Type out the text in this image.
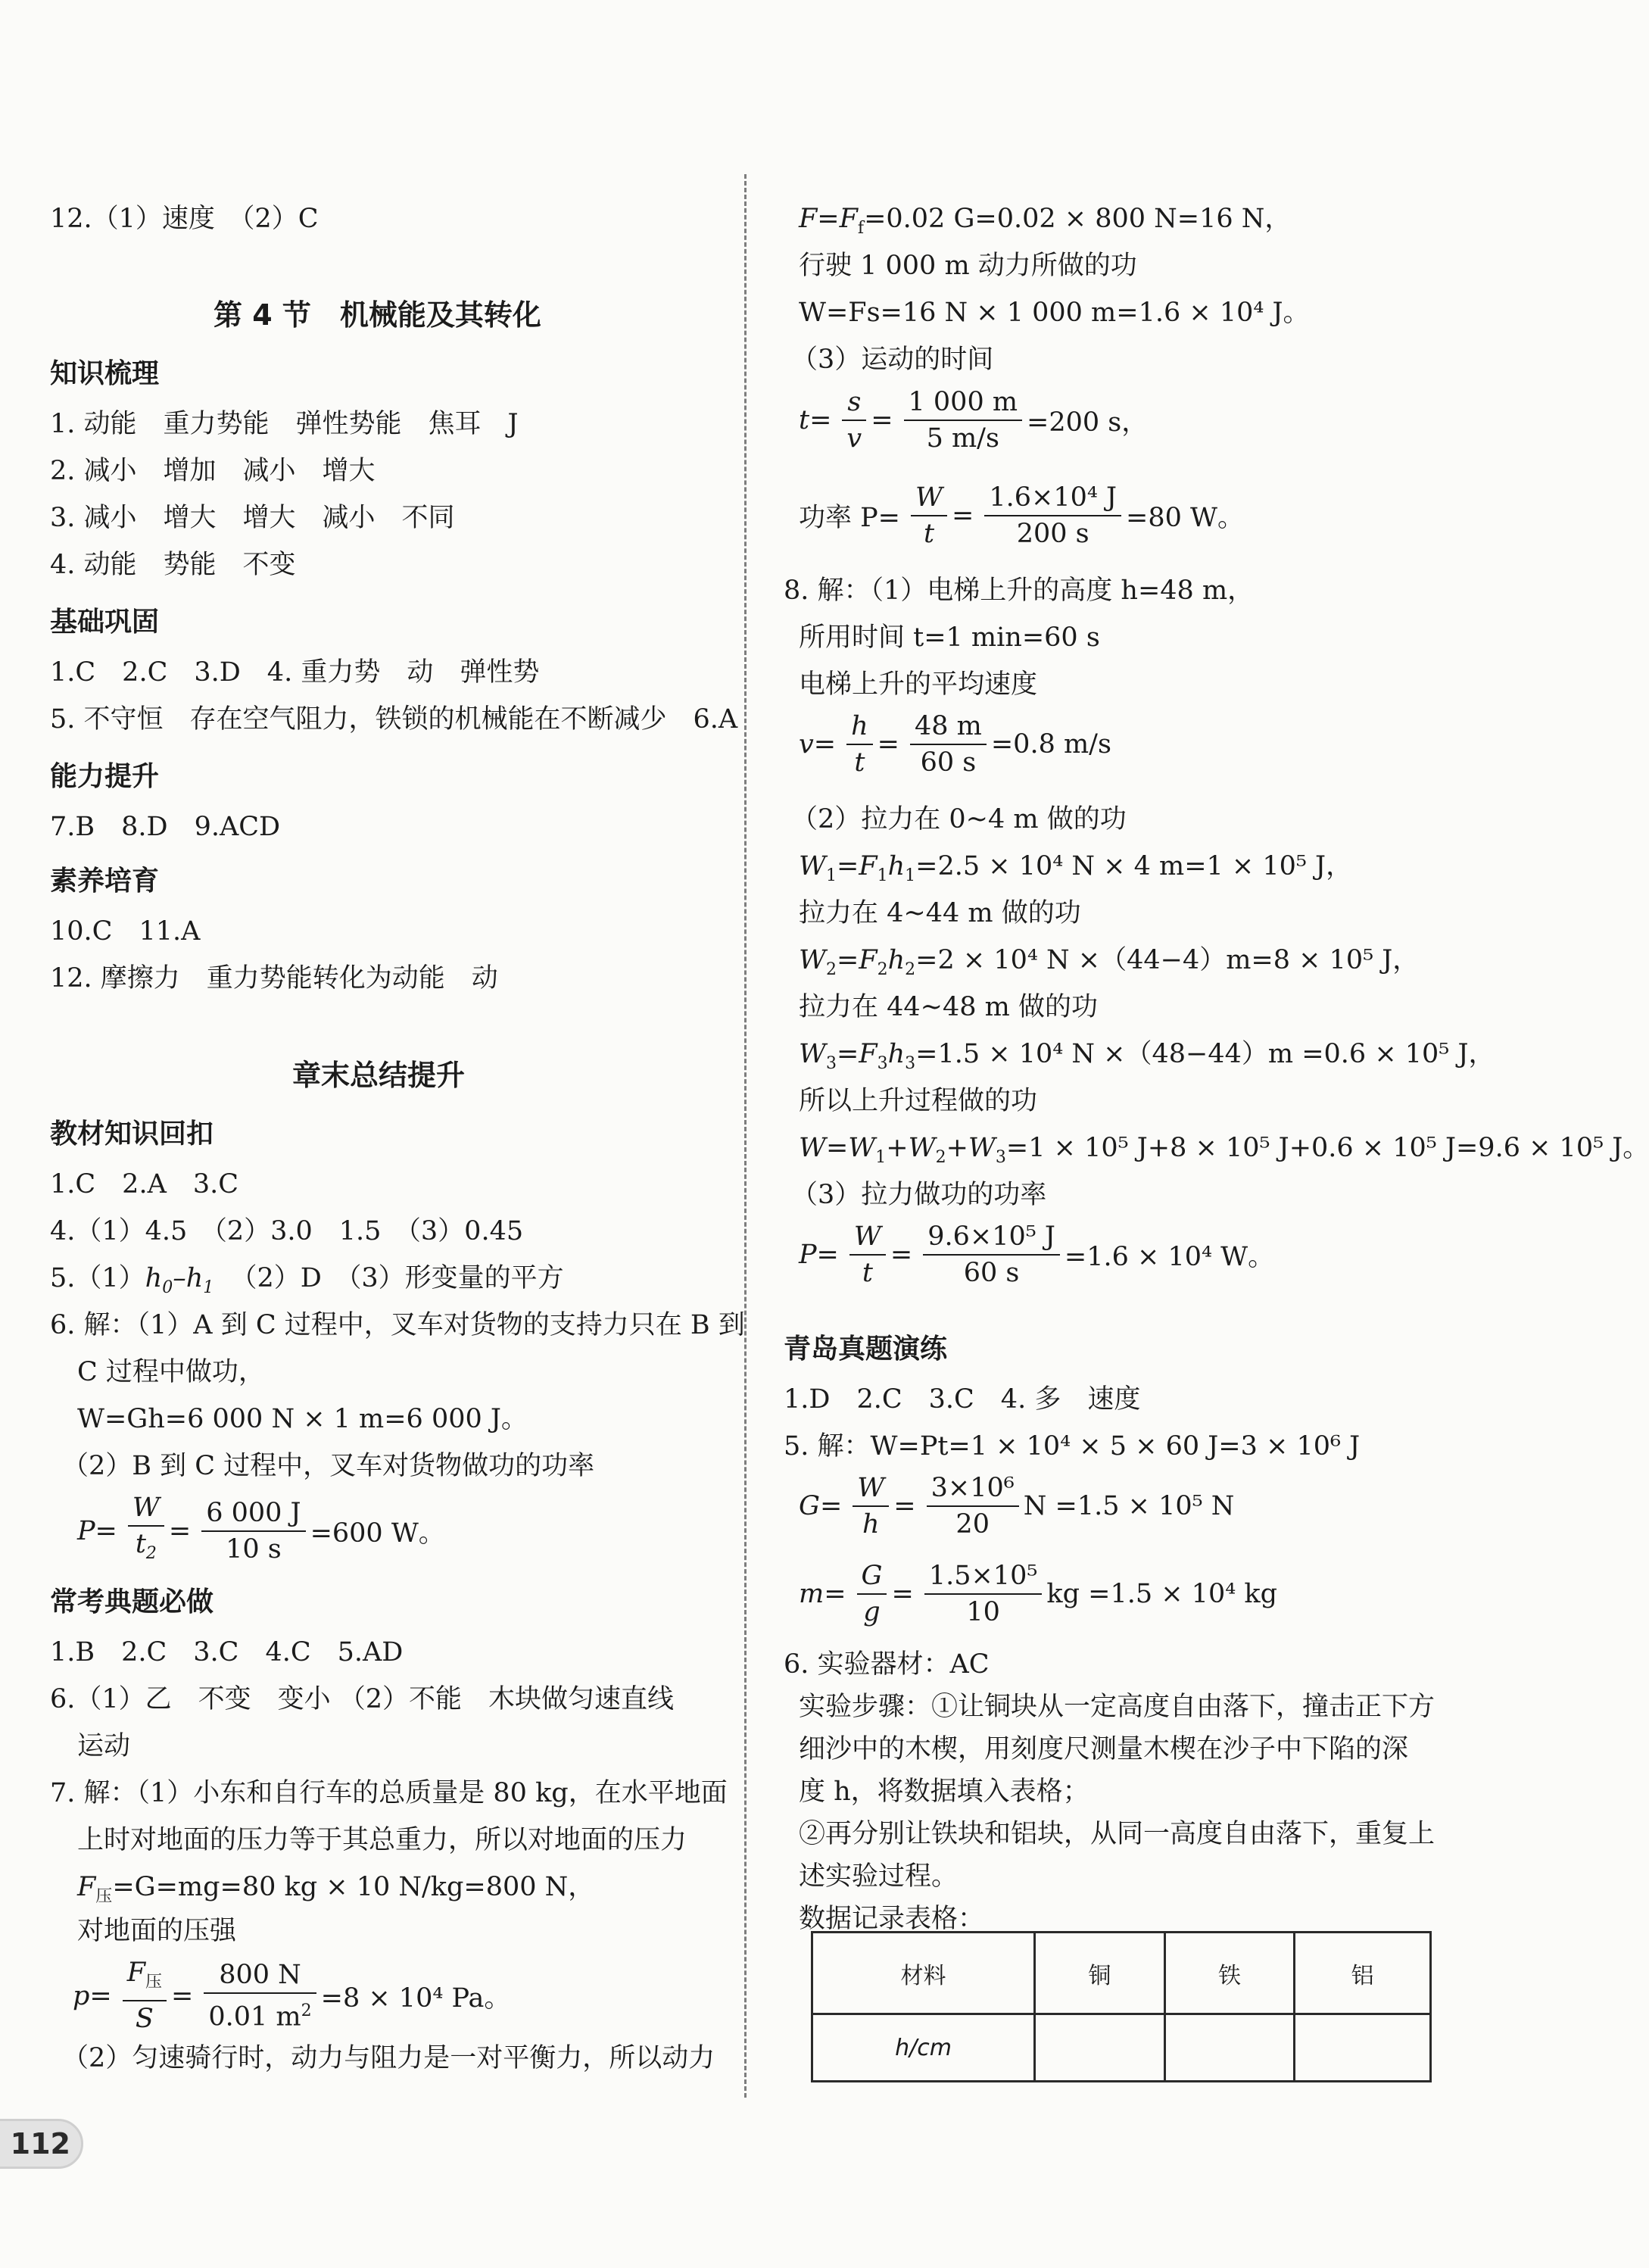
12.（1）速度　（2）C
第 4 节　机械能及其转化
知识梳理
1. 动能　重力势能　弹性势能　焦耳　J
2. 减小　增加　减小　增大
3. 减小　增大　增大　减小　不同
4. 动能　势能　不变
基础巩固
1.C　2.C　3.D　4. 重力势　动　弹性势
5. 不守恒　存在空气阻力，铁锁的机械能在不断减少　6.A
能力提升
7.B　8.D　9.ACD
素养培育
10.C　11.A
12. 摩擦力　重力势能转化为动能　动
章末总结提升
教材知识回扣
1.C　2.A　3.C
4.（1）4.5　（2）3.0　1.5　（3）0.45
$5.(1)h_0-h_1$ （2）D　（3）形变量的平方
6. 解：（1）A 到 C 过程中，叉车对货物的支持力只在 B 到
C 过程中做功，
W=Gh=6 000 N × 1 m=6 000 J。
（2）B 到 C 过程中，叉车对货物做功的功率
$P= \frac{W}{t_2} = \frac{6 000 J}{10 s} =600$ W。
常考典题必做
1.B　2.C　3.C　4.C　5.AD
6.（1）乙　不变　变小 （2）不能　木块做匀速直线
运动
7. 解：（1）小东和自行车的总质量是 80 kg，在水平地面
上时对地面的压力等于其总重力，所以对地面的压力
$F_压=G=mg=80$ kg × 10 N/kg=800 N，
对地面的压强
$p= \frac{F_压}{S} = \frac{800 N}{0.01 m^2} =8 \times 10^4$ Pa。
（2）匀速骑行时，动力与阻力是一对平衡力，所以动力
$F=F_f=0.02$ G=0.02 × 800 N=16 N，
行驶 1 000 m 动力所做的功
W=Fs=16 N × 1 000 m=1.6 × 10⁴ J。
（3）运动的时间
$t= \frac{s}{v} = \frac{1 000 m}{5 m/s} =200$ s，
功率 $P= \frac{W}{t} = \frac{\text{1.6×10⁴ J}}{200 s} =80$ W。
8. 解：（1）电梯上升的高度 h=48 m，
所用时间 t=1 min=60 s
电梯上升的平均速度
$v= \frac{h}{t} = \frac{48 m}{60 s} =0.8$ m/s
（2）拉力在 0~4 m 做的功
$W_1=F_1h_1=2.5 \times 10^4$ N × 4 m=1 × 10⁵ J，
拉力在 4~44 m 做的功
$W_2=F_2h_2=2 \times 10^4$ N ×（44−4）m=8 × 10⁵ J，
拉力在 44~48 m 做的功
$W_3=F_3h_3=1.5 \times 10^4$ N ×（48−44）m =0.6 × 10⁵ J，
所以上升过程做的功
$W=W_1+W_2+W_3=1 \times 10^5$ J+8 × 10⁵ J+0.6 × 10⁵ J=9.6 × 10⁵ J。
（3）拉力做功的功率
$P= \frac{W}{t} = \frac{\text{9.6×10⁵ J}}{60 s} =1.6 \times 10^4$ W。
青岛真题演练
1.D　2.C　3.C　4. 多　速度
5. 解：W=Pt=1 × 10⁴ × 5 × 60 J=3 × 10⁶ J
$G= \frac{W}{h} = \frac{\text{3×10⁶}}{20}$ N =1.5 × 10⁵ N
$m= \frac{G}{g} = \frac{\text{1.5×10⁵}}{10}$ kg =1.5 × 10⁴ kg
6. 实验器材：AC
实验步骤：①让铜块从一定高度自由落下，撞击正下方
细沙中的木楔，用刻度尺测量木楔在沙子中下陷的深
度 h，将数据填入表格；
②再分别让铁块和铝块，从同一高度自由落下，重复上
述实验过程。
数据记录表格：
材料	铜	铁	铝
h/cm			
112
